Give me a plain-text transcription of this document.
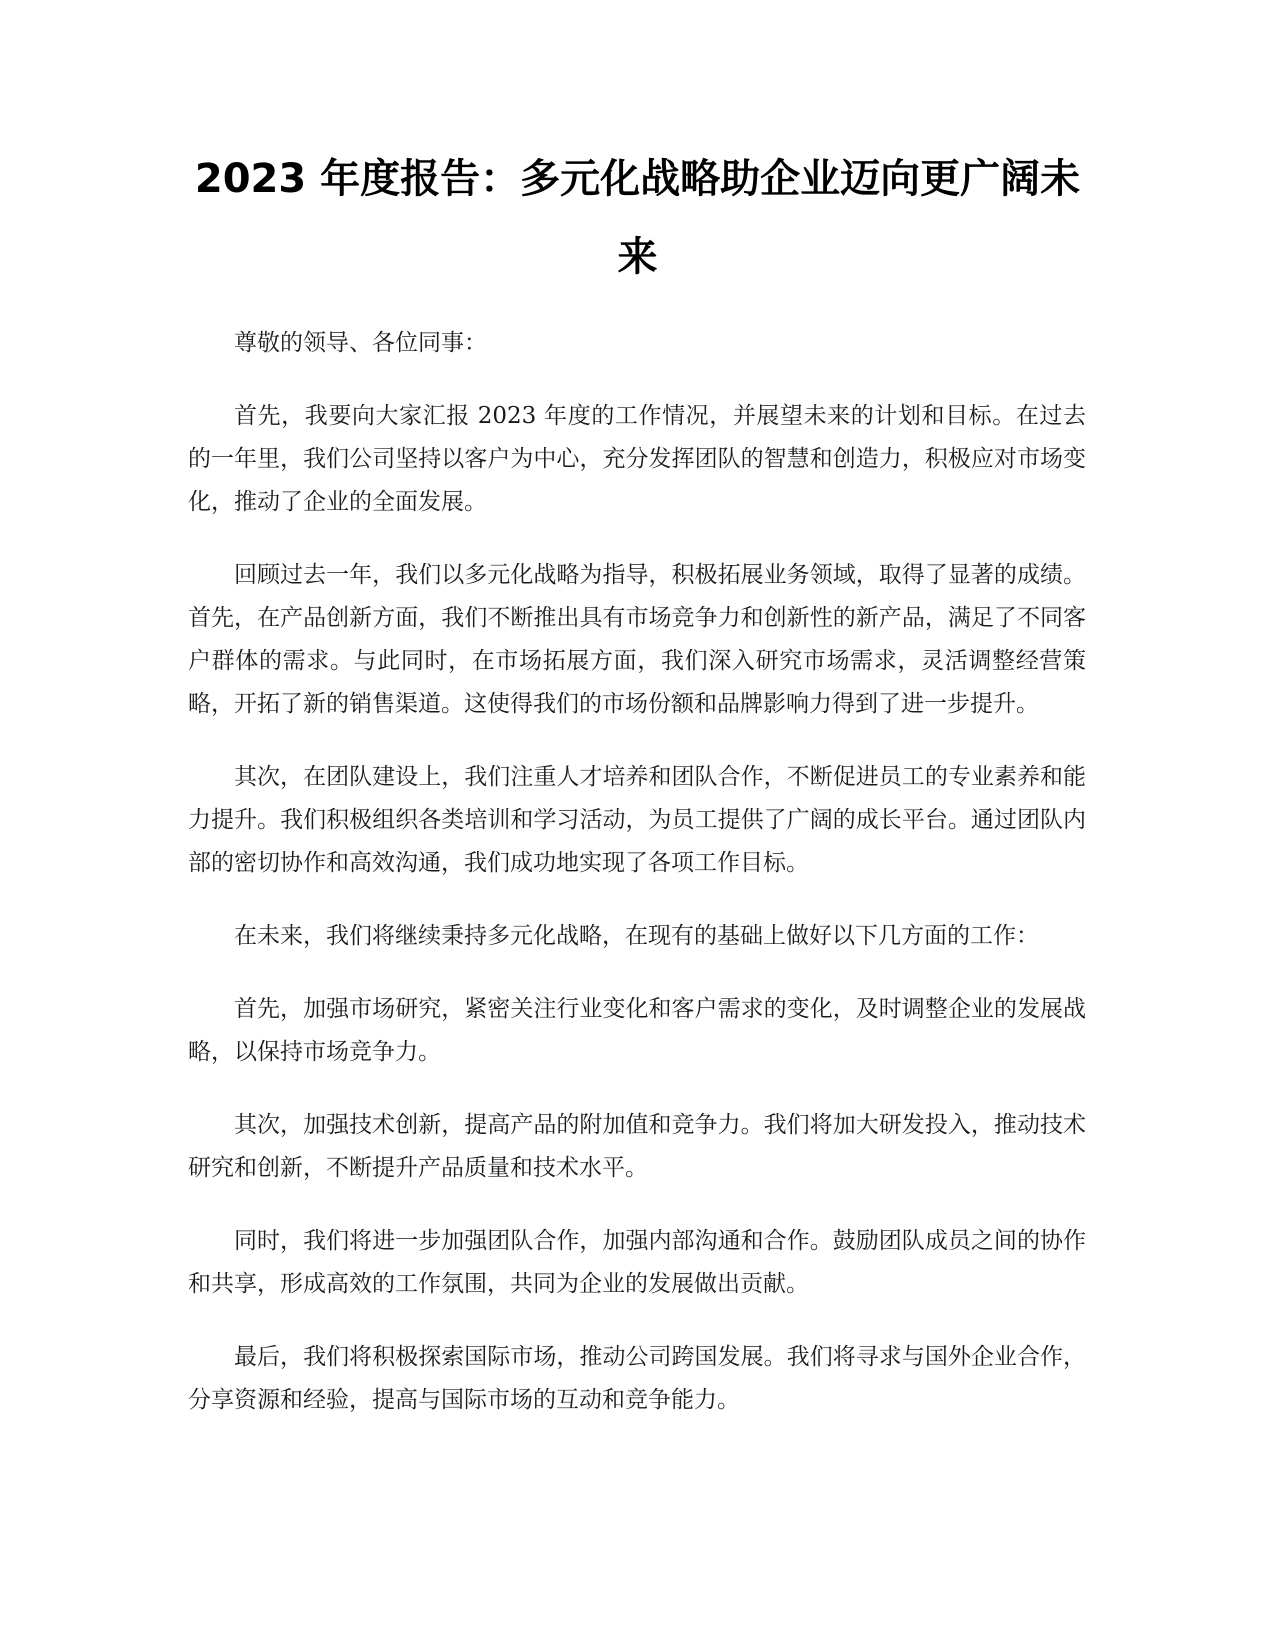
2023 年度报告：多元化战略助企业迈向更广阔未来

尊敬的领导、各位同事：

首先，我要向大家汇报 2023 年度的工作情况，并展望未来的计划和目标。在过去的一年里，我们公司坚持以客户为中心，充分发挥团队的智慧和创造力，积极应对市场变化，推动了企业的全面发展。

回顾过去一年，我们以多元化战略为指导，积极拓展业务领域，取得了显著的成绩。首先，在产品创新方面，我们不断推出具有市场竞争力和创新性的新产品，满足了不同客户群体的需求。与此同时，在市场拓展方面，我们深入研究市场需求，灵活调整经营策略，开拓了新的销售渠道。这使得我们的市场份额和品牌影响力得到了进一步提升。

其次，在团队建设上，我们注重人才培养和团队合作，不断促进员工的专业素养和能力提升。我们积极组织各类培训和学习活动，为员工提供了广阔的成长平台。通过团队内部的密切协作和高效沟通，我们成功地实现了各项工作目标。

在未来，我们将继续秉持多元化战略，在现有的基础上做好以下几方面的工作：

首先，加强市场研究，紧密关注行业变化和客户需求的变化，及时调整企业的发展战略，以保持市场竞争力。

其次，加强技术创新，提高产品的附加值和竞争力。我们将加大研发投入，推动技术研究和创新，不断提升产品质量和技术水平。

同时，我们将进一步加强团队合作，加强内部沟通和合作。鼓励团队成员之间的协作和共享，形成高效的工作氛围，共同为企业的发展做出贡献。

最后，我们将积极探索国际市场，推动公司跨国发展。我们将寻求与国外企业合作，分享资源和经验，提高与国际市场的互动和竞争能力。
